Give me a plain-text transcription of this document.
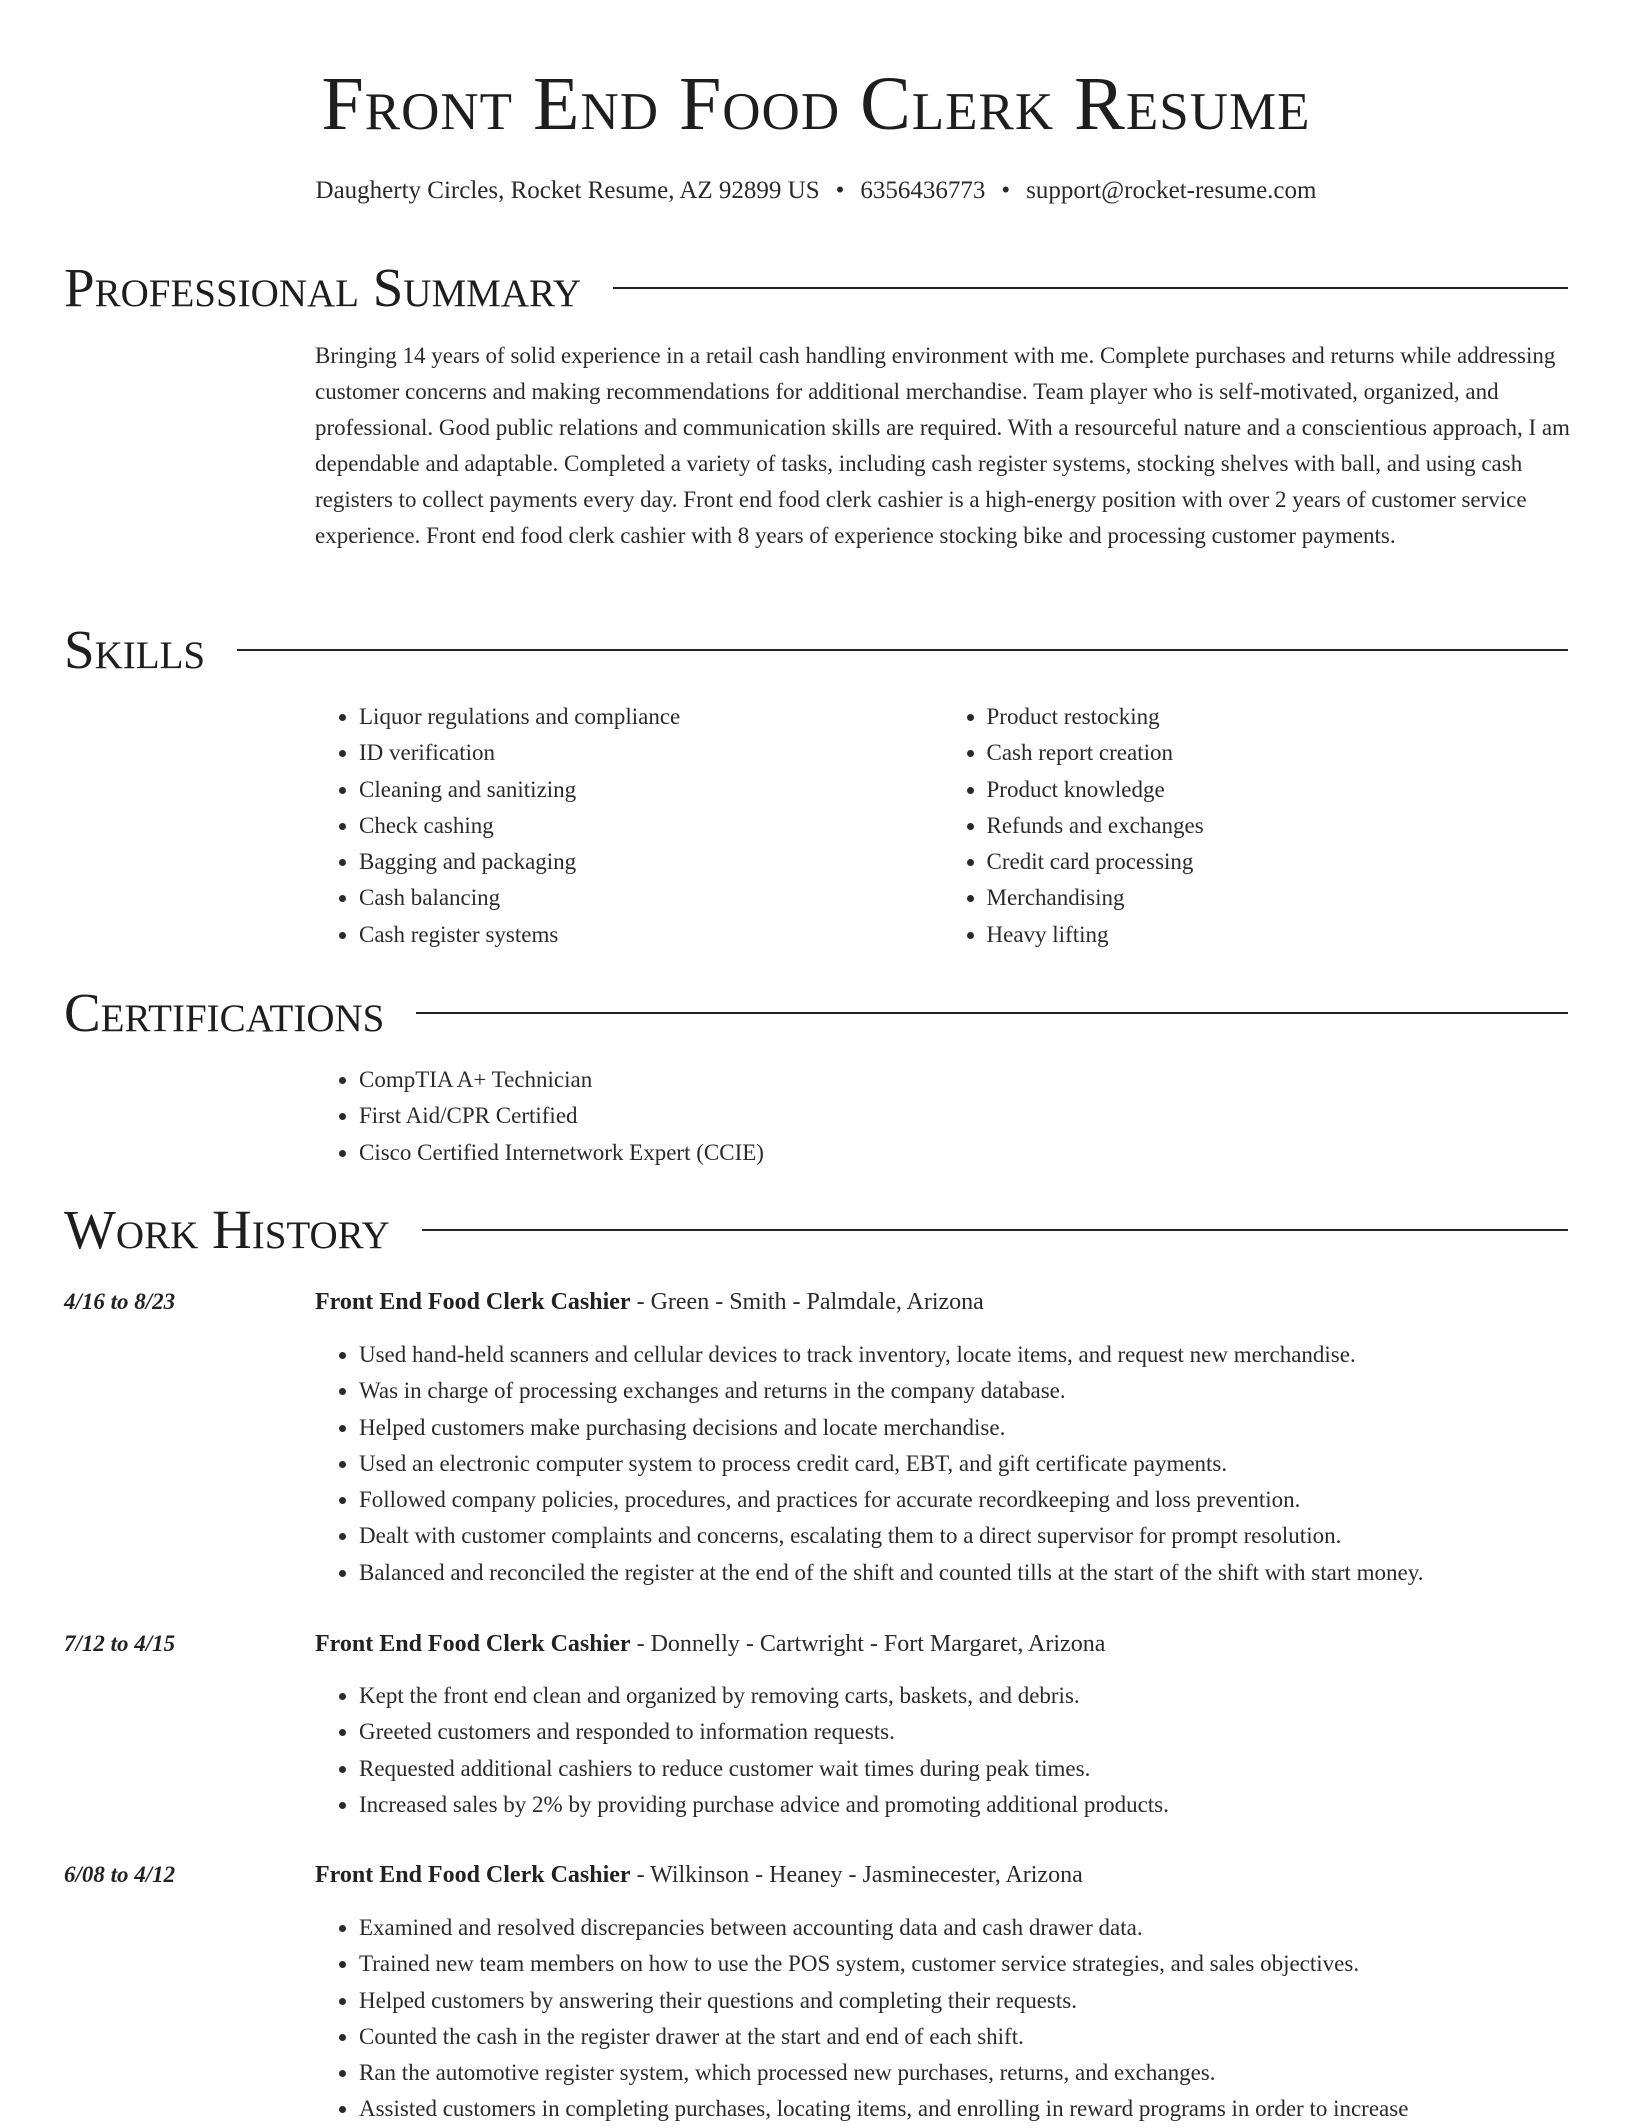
Front End Food Clerk Resume
Daugherty Circles, Rocket Resume, AZ 92899 US • 6356436773 • support@rocket-resume.com
Professional Summary

Bringing 14 years of solid experience in a retail cash handling environment with me. Complete purchases and returns while addressing customer concerns and making recommendations for additional merchandise. Team player who is self-motivated, organized, and professional. Good public relations and communication skills are required. With a resourceful nature and a conscientious approach, I am dependable and adaptable. Completed a variety of tasks, including cash register systems, stocking shelves with ball, and using cash registers to collect payments every day. Front end food clerk cashier is a high-energy position with over 2 years of customer service experience. Front end food clerk cashier with 8 years of experience stocking bike and processing customer payments.

Skills
• Liquor regulations and compliance
• ID verification
• Cleaning and sanitizing
• Check cashing
• Bagging and packaging
• Cash balancing
• Cash register systems
• Product restocking
• Cash report creation
• Product knowledge
• Refunds and exchanges
• Credit card processing
• Merchandising
• Heavy lifting
Certifications
• CompTIA A+ Technician
• First Aid/CPR Certified
• Cisco Certified Internetwork Expert (CCIE)
Work History
4/16 to 8/23	Front End Food Clerk Cashier - Green - Smith - Palmdale, Arizona
• Used hand-held scanners and cellular devices to track inventory, locate items, and request new merchandise.
• Was in charge of processing exchanges and returns in the company database.
• Helped customers make purchasing decisions and locate merchandise.
• Used an electronic computer system to process credit card, EBT, and gift certificate payments.
• Followed company policies, procedures, and practices for accurate recordkeeping and loss prevention.
• Dealt with customer complaints and concerns, escalating them to a direct supervisor for prompt resolution.
• Balanced and reconciled the register at the end of the shift and counted tills at the start of the shift with start money.
7/12 to 4/15	Front End Food Clerk Cashier - Donnelly - Cartwright - Fort Margaret, Arizona
• Kept the front end clean and organized by removing carts, baskets, and debris.
• Greeted customers and responded to information requests.
• Requested additional cashiers to reduce customer wait times during peak times.
• Increased sales by 2% by providing purchase advice and promoting additional products.
6/08 to 4/12	Front End Food Clerk Cashier - Wilkinson - Heaney - Jasminecester, Arizona
• Examined and resolved discrepancies between accounting data and cash drawer data.
• Trained new team members on how to use the POS system, customer service strategies, and sales objectives.
• Helped customers by answering their questions and completing their requests.
• Counted the cash in the register drawer at the start and end of each shift.
• Ran the automotive register system, which processed new purchases, returns, and exchanges.
• Assisted customers in completing purchases, locating items, and enrolling in reward programs in order to increase
